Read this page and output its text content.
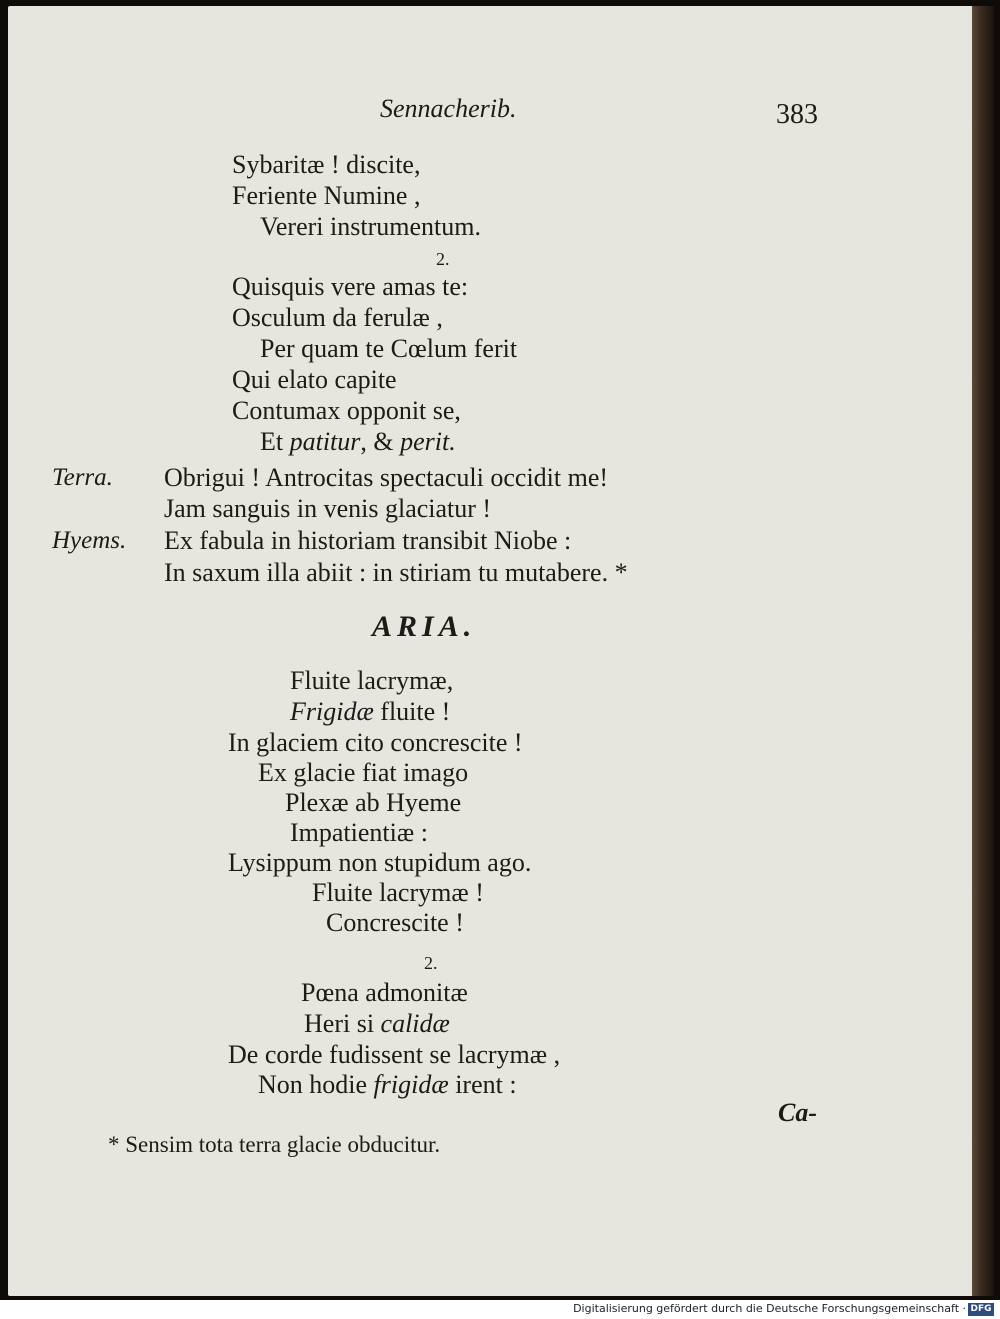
Sennacherib.	383
Sybaritæ ! discite,
Feriente Numine ,
Vereri instrumentum.
2.
Quisquis vere amas te:
Osculum da ferulæ ,
Per quam te Cœlum ferit
Qui elato capite
Contumax opponit se,
Et patitur, & perit.
Terra. Obrigui ! Antrocitas spectaculi occidit me!
Jam sanguis in venis glaciatur !
Hyems. Ex fabula in historiam transibit Niobe :
In saxum illa abiit : in stiriam tu mutabere. *
ARIA.
Fluite lacrymæ,
Frigidæ fluite !
In glaciem cito concrescite !
Ex glacie fiat imago
Plexæ ab Hyeme
Impatientiæ :
Lysippum non stupidum ago.
Fluite lacrymæ !
Concrescite !
2.
Pœna admonitæ
Heri si calidæ
De corde fudissent se lacrymæ ,
Non hodie frigidæ irent :
Ca-
* Sensim tota terra glacie obducitur.
Digitalisierung gefördert durch die Deutsche Forschungsgemeinschaft · DFG
